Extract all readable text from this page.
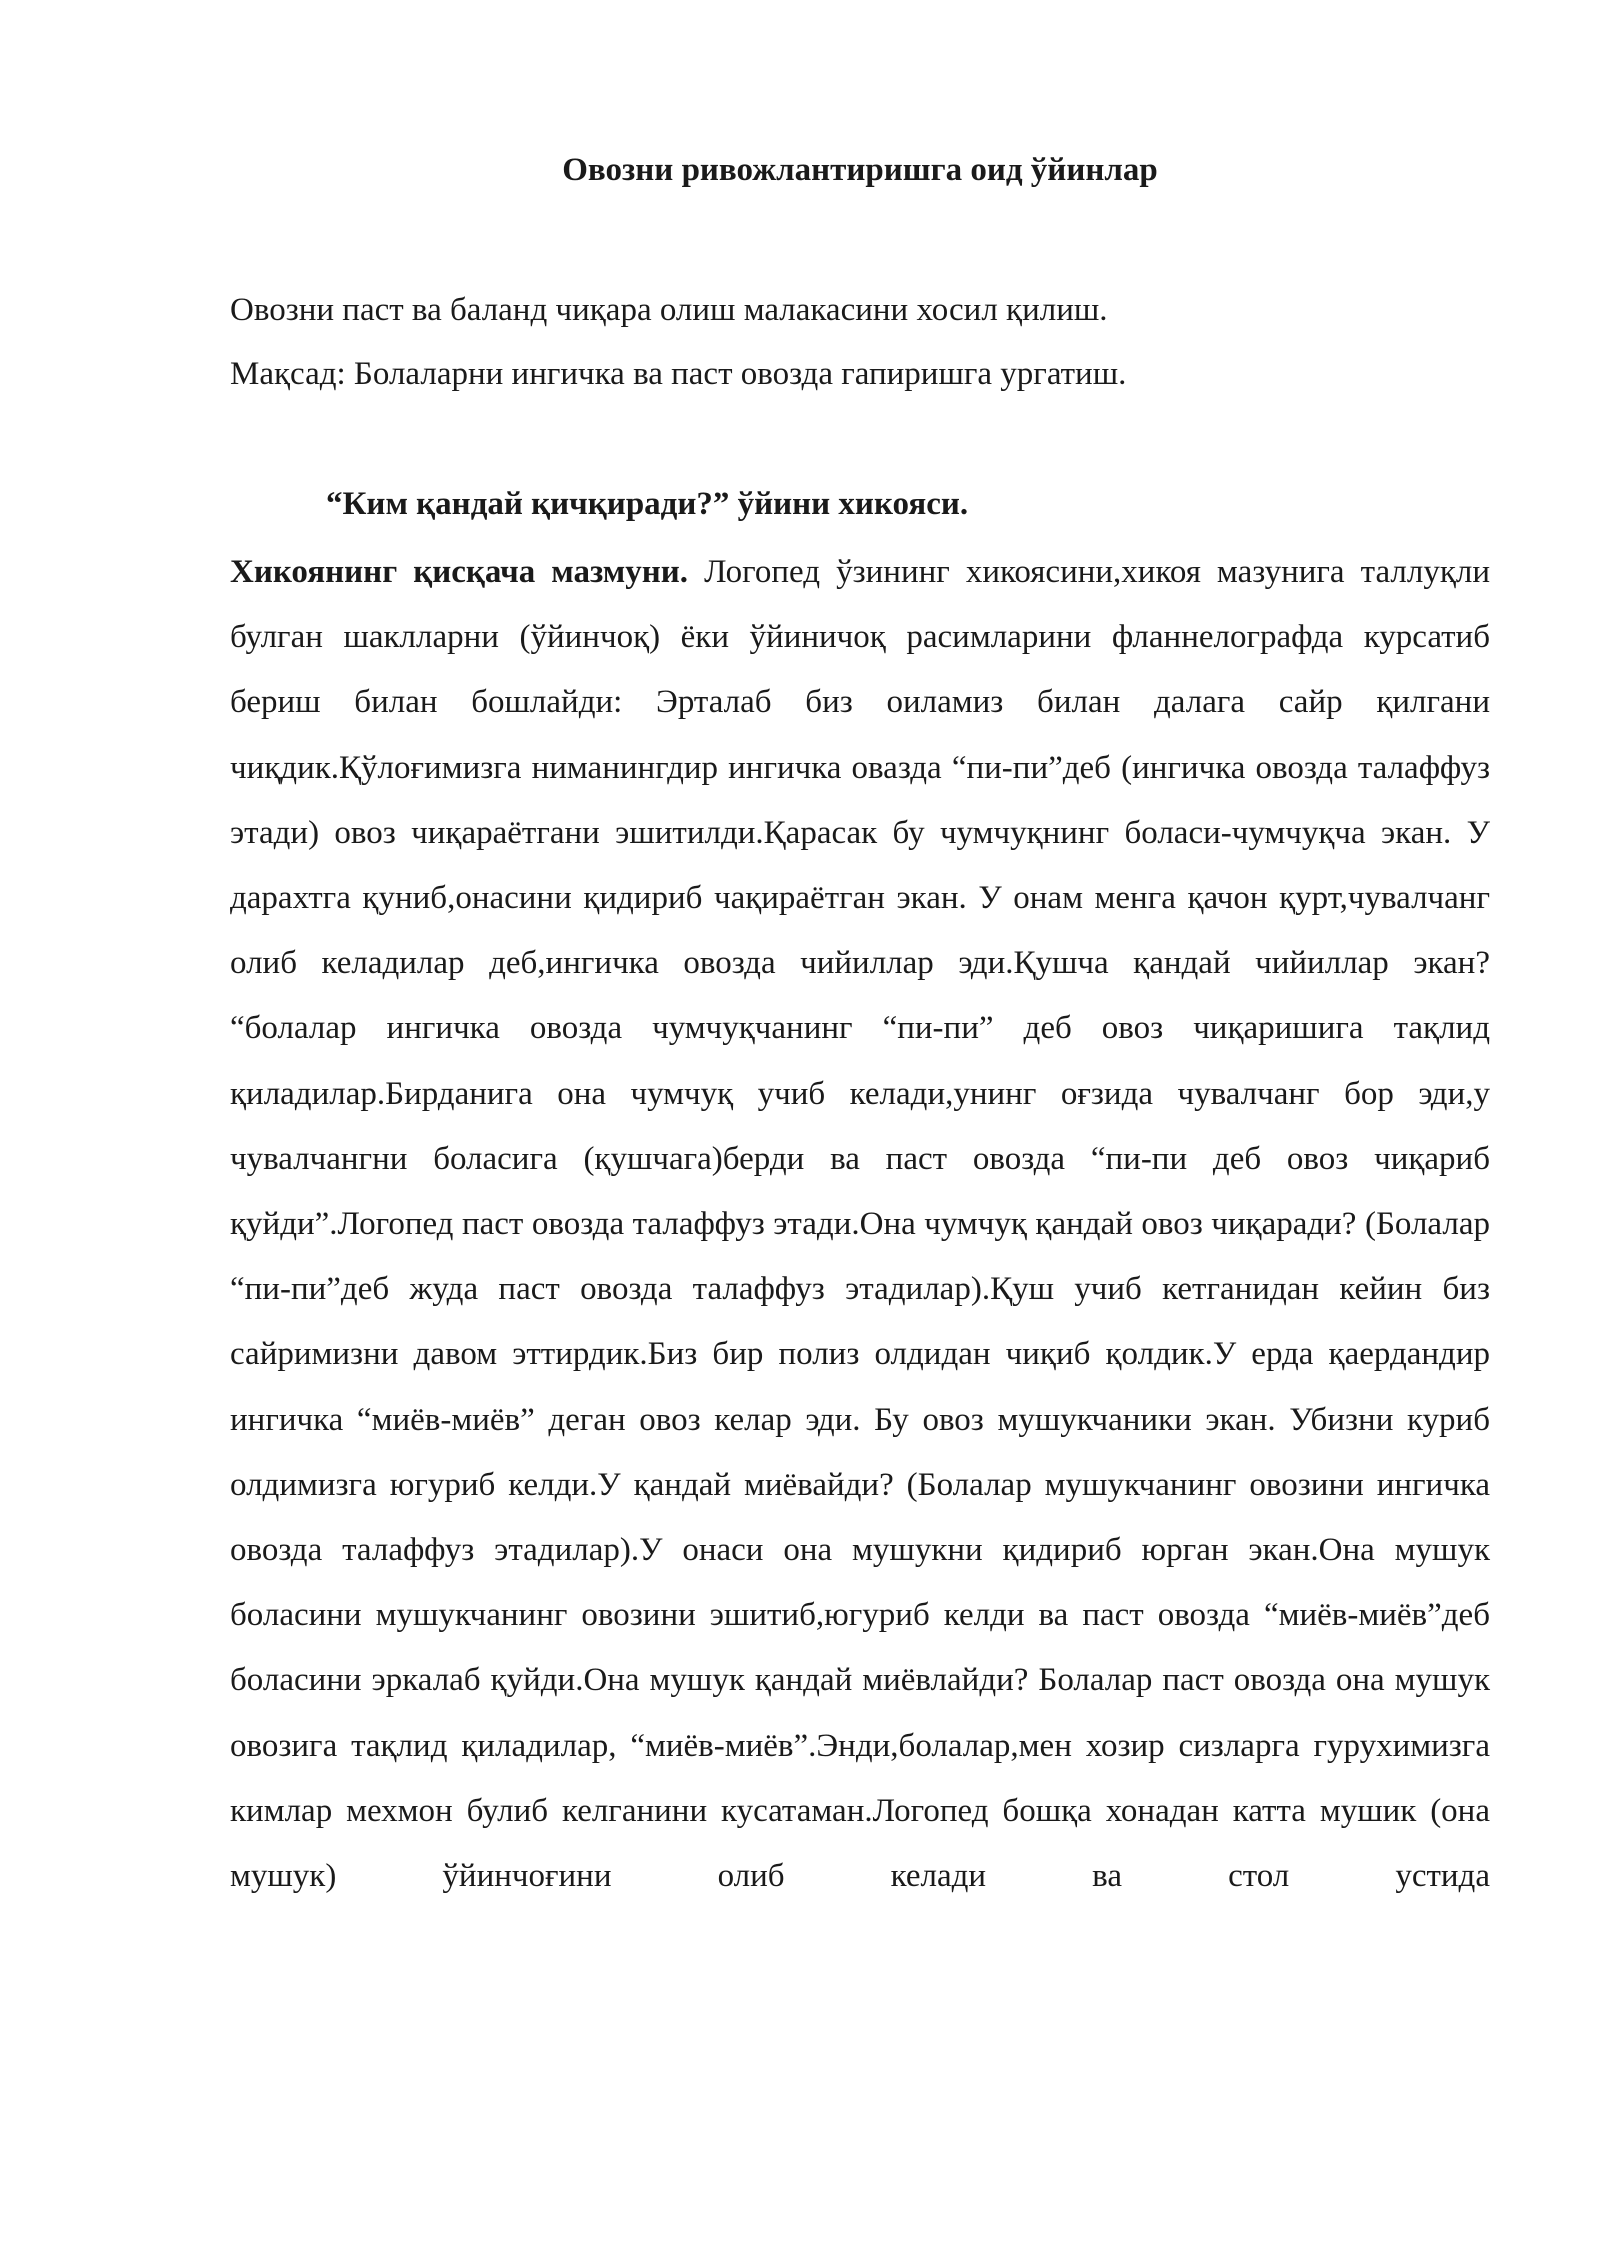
Овозни ривожлантиришга оид ўйинлар

Овозни паст ва баланд чиқара олиш малакасини хосил қилиш.

Мақсад: Болаларни ингичка ва паст овозда гапиришга ургатиш.

“Ким қандай қичқиради?” ўйини хикояси.

Хикоянинг қисқача мазмуни. Логопед ўзининг хикоясини,хикоя мазунига таллуқли булган шаклларни (ўйинчоқ) ёки ўйиничоқ расимларини фланнелографда курсатиб бериш билан бошлайди: Эрталаб биз оиламиз билан далага сайр қилгани чиқдик.Қўлоғимизга ниманингдир ингичка овазда “пи-пи”деб (ингичка овозда талаффуз этади) овоз чиқараётгани эшитилди.Қарасак бу чумчуқнинг боласи-чумчуқча экан. У дарахтга қуниб,онасини қидириб чақираётган экан. У онам менга қачон қурт,чувалчанг олиб келадилар деб,ингичка овозда чийиллар эди.Қушча қандай чийиллар экан? “болалар ингичка овозда чумчуқчанинг “пи-пи” деб овоз чиқаришига тақлид қиладилар.Бирданига она чумчуқ учиб келади,унинг оғзида чувалчанг бор эди,у чувалчангни боласига (қушчага)берди ва паст овозда “пи-пи деб овоз чиқариб қуйди”.Логопед паст овозда талаффуз этади.Она чумчуқ қандай овоз чиқаради? (Болалар “пи-пи”деб жуда паст овозда талаффуз этадилар).Қуш учиб кетганидан кейин биз сайримизни давом эттирдик.Биз бир полиз олдидан чиқиб қолдик.У ерда қаердандир ингичка “миёв-миёв” деган овоз келар эди. Бу овоз мушукчаники экан. Убизни куриб олдимизга югуриб келди.У қандай миёвайди? (Болалар мушукчанинг овозини ингичка овозда талаффуз этадилар).У онаси она мушукни қидириб юрган экан.Она мушук боласини мушукчанинг овозини эшитиб,югуриб келди ва паст овозда “миёв-миёв”деб боласини эркалаб қуйди.Она мушук қандай миёвлайди? Болалар паст овозда она мушук овозига тақлид қиладилар, “миёв-миёв”.Энди,болалар,мен хозир сизларга гурухимизга кимлар мехмон булиб келганини кусатаман.Логопед бошқа хонадан катта мушик (она мушук) ўйинчоғини олиб келади ва стол устида
